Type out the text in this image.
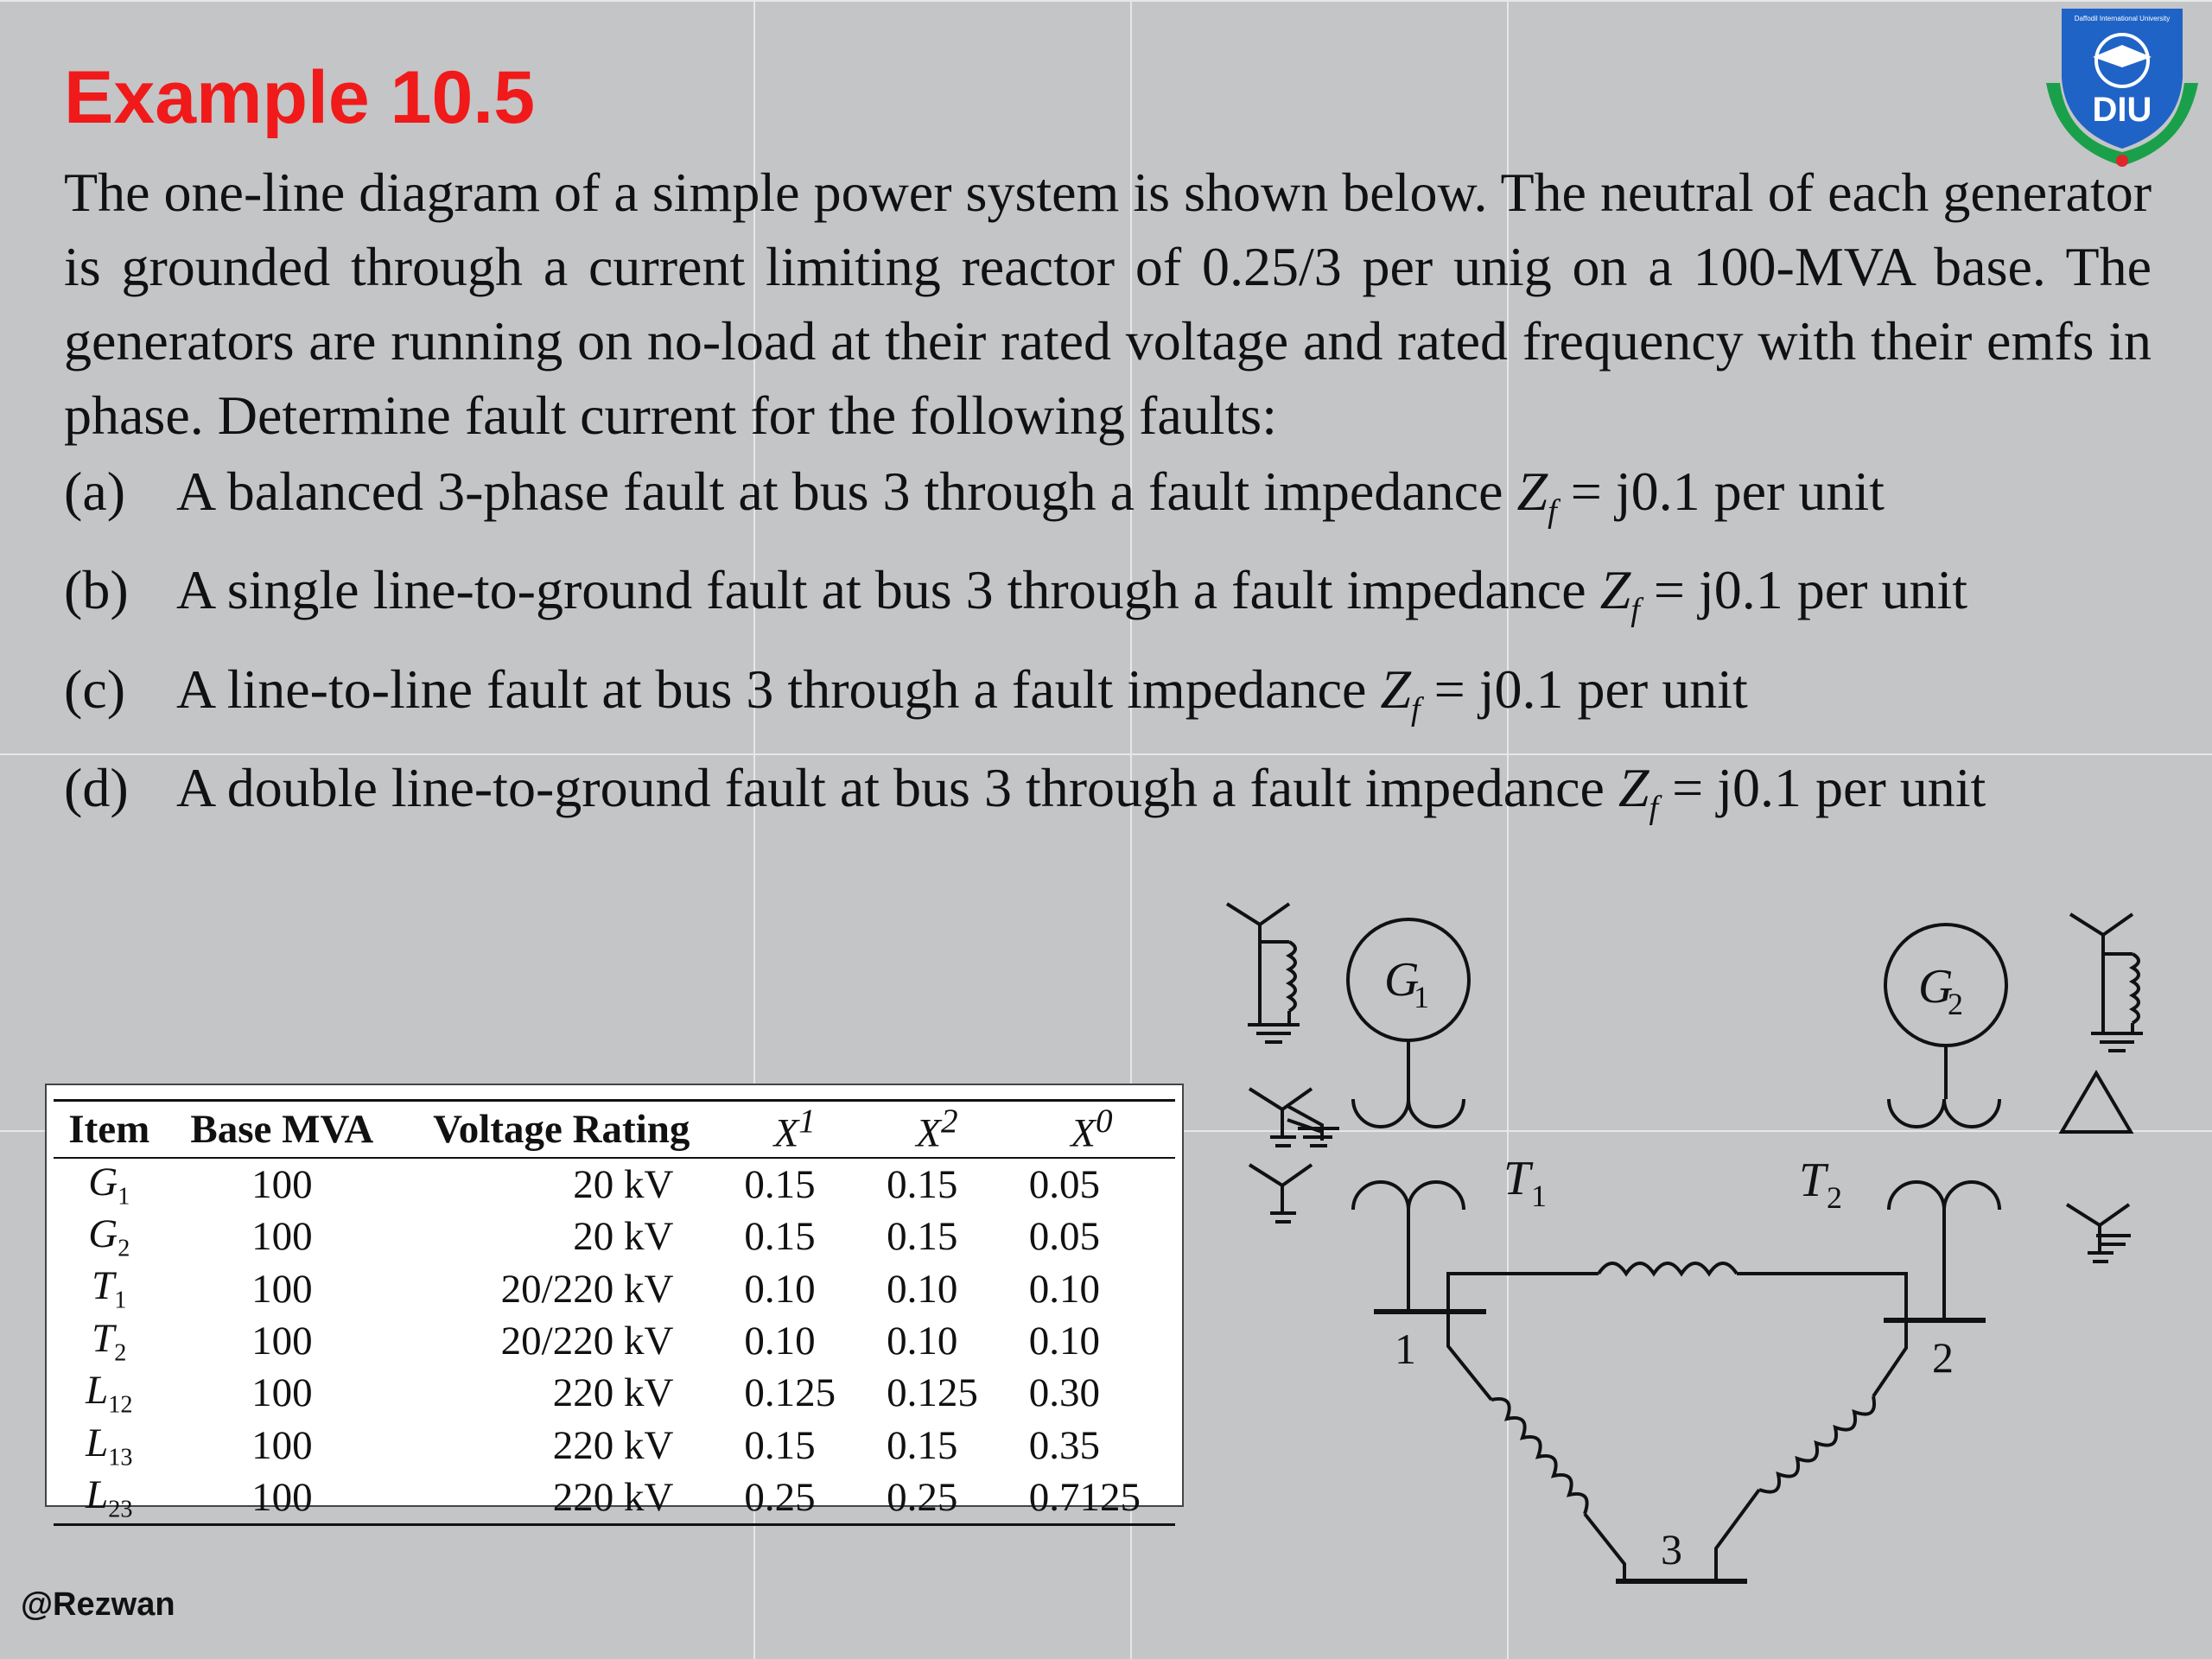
Example 10.5	DIU
Daffodil International University

The one-line diagram of a simple power system is shown below. The neutral of each generator is grounded through a current limiting reactor of 0.25/3 per unig on a 100-MVA base. The generators are running on no-load at their rated voltage and rated frequency with their emfs in phase. Determine fault current for the following faults:

(a) A balanced 3-phase fault at bus 3 through a fault impedance $Z_f = j0.1$ per unit
(b) A single line-to-ground fault at bus 3 through a fault impedance $Z_f = j0.1$ per unit
(c) A line-to-line fault at bus 3 through a fault impedance $Z_f = j0.1$ per unit
(d) A double line-to-ground fault at bus 3 through a fault impedance $Z_f = j0.1$ per unit
Item	Base MVA	Voltage Rating	$X^1$	$X^2$	$X^0$
$G_1$	100	20 kV	0.15	0.15	0.05
$G_2$	100	20 kV	0.15	0.15	0.05
$T_1$	100	20/220 kV	0.10	0.10	0.10
$T_2$	100	20/220 kV	0.10	0.10	0.10
$L_{12}$	100	220 kV	0.125	0.125	0.30
$L_{13}$	100	220 kV	0.15	0.15	0.35
$L_{23}$	100	220 kV	0.25	0.25	0.7125
G
1
T 1
1
G
2
T 2
2
3
@Rezwan
